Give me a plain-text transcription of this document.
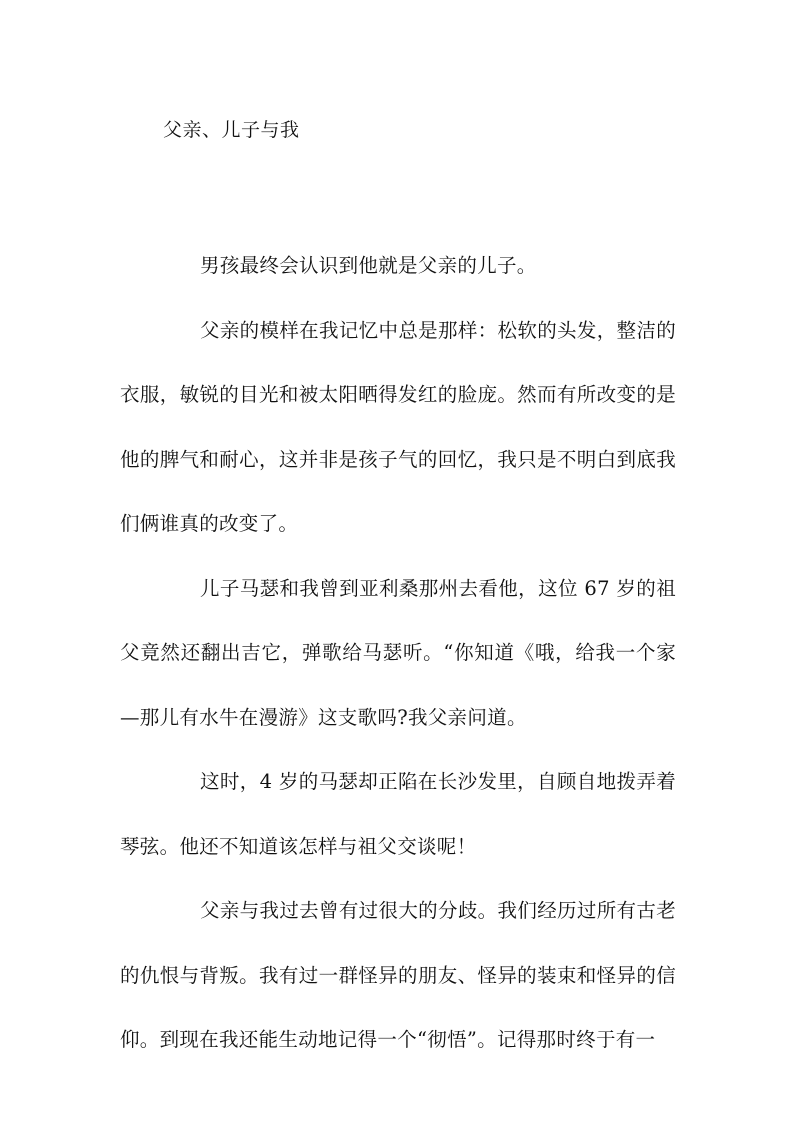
父亲、儿子与我

男孩最终会认识到他就是父亲的儿子。

父亲的模样在我记忆中总是那样：松软的头发，整洁的衣服，敏锐的目光和被太阳晒得发红的脸庞。然而有所改变的是他的脾气和耐心，这并非是孩子气的回忆，我只是不明白到底我们俩谁真的改变了。

儿子马瑟和我曾到亚利桑那州去看他，这位 67 岁的祖父竟然还翻出吉它，弹歌给马瑟听。“你知道《哦，给我一个家—那儿有水牛在漫游》这支歌吗?我父亲问道。

这时，4 岁的马瑟却正陷在长沙发里，自顾自地拨弄着琴弦。他还不知道该怎样与祖父交谈呢！

父亲与我过去曾有过很大的分歧。我们经历过所有古老的仇恨与背叛。我有过一群怪异的朋友、怪异的装束和怪异的信仰。到现在我还能生动地记得一个“彻悟”。记得那时终于有一
